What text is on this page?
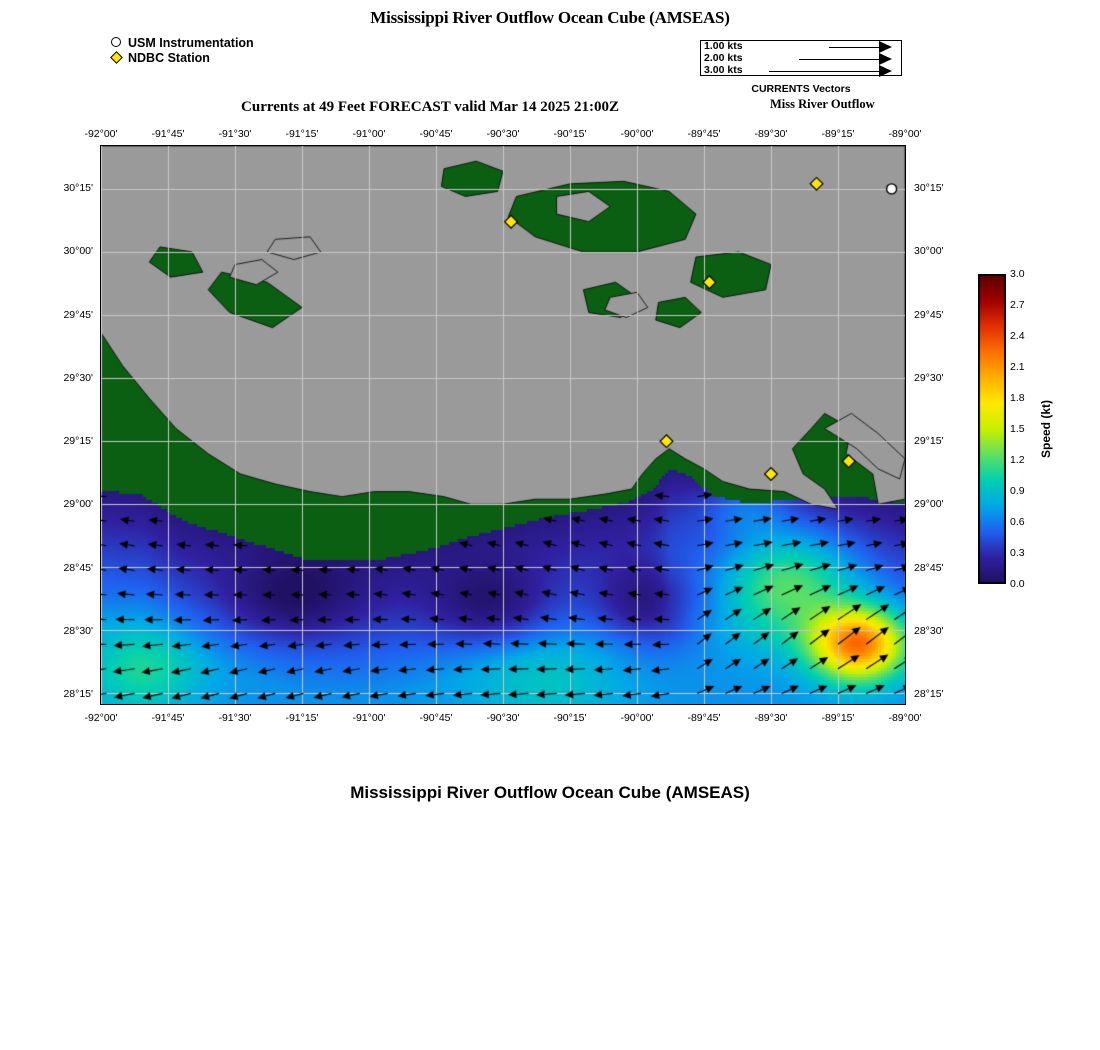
Mississippi River Outflow Ocean Cube (AMSEAS)
Currents at 49 Feet FORECAST valid Mar 14 2025 21:00Z	Miss River Outflow
Mississippi River Outflow Ocean Cube (AMSEAS)
USM Instrumentation
NDBC Station
1.00 kts
2.00 kts
3.00 kts
CURRENTS Vectors
-92°00'
-92°00'
-91°45'
-91°45'
-91°30'
-91°30'
-91°15'
-91°15'
-91°00'
-91°00'
-90°45'
-90°45'
-90°30'
-90°30'
-90°15'
-90°15'
-90°00'
-90°00'
-89°45'
-89°45'
-89°30'
-89°30'
-89°15'
-89°15'
-89°00'
-89°00'
30°15'	30°15'
30°00'	30°00'
29°45'	29°45'
29°30'	29°30'
29°15'	29°15'
29°00'	29°00'
28°45'	28°45'
28°30'	28°30'
28°15'	28°15'
Speed (kt)
3.0
2.7
2.4
2.1
1.8
1.5
1.2
0.9
0.6
0.3
0.0
